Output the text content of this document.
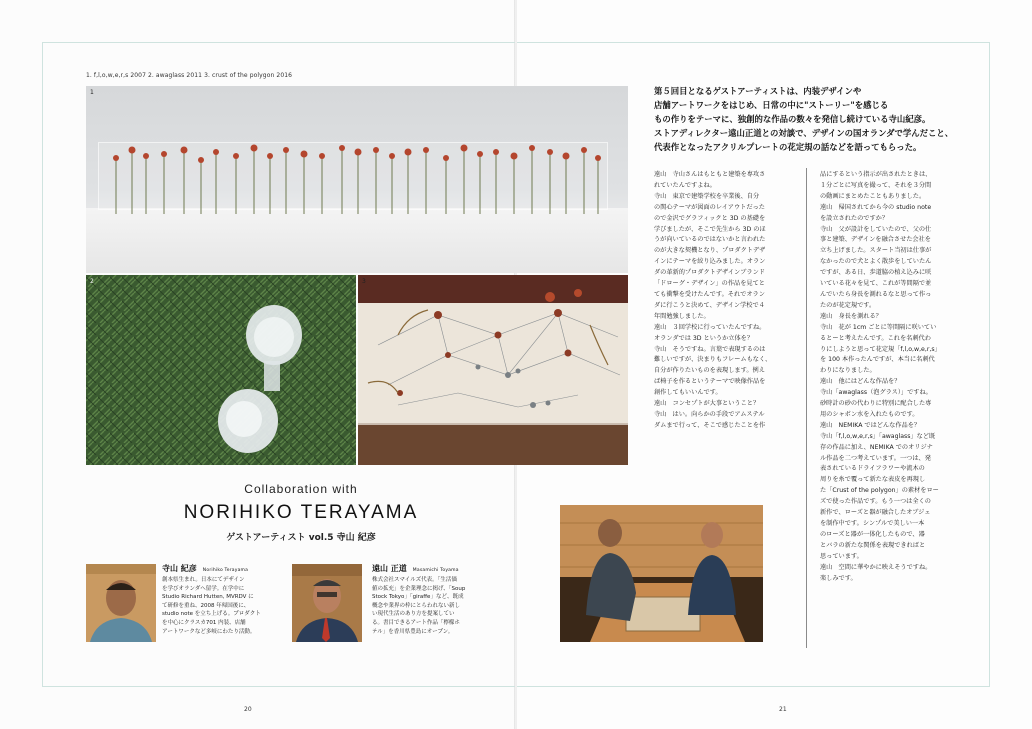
1. f,l,o,w,e,r,s 2007 2. awaglass 2011 3. crust of the polygon 2016
1
2	3
Collaboration with
NORIHIKO TERAYAMA
ゲストアーティスト vol.5 寺山 紀彦
寺山 紀彦 Norihiko Terayama
創本県生まれ。日本にてデザイン
を学びオランダへ留学。在学中に
Studio Richard Hutten, MVRDV に
て研修を重ね、2008 年帰国後に、
studio note を立ち上げる。プロダクト
を中心にクラスカ701 内装、店舗
アートワークなど多岐にわたり活動。
遠山 正道 Masamichi Toyama
株式会社スマイルズ代表。「生活価
値の拡充」を企業理念に掲げ、「Soup
Stock Tokyo」「giraffe」など、既成
概念や業界の枠にとらわれない新し
い現代生活のあり方を提案してい
る。書目できるアート作品「檸檬ホ
テル」を香川県豊島にオープン。
20	21
第５回目となるゲストアーティストは、内装デザインや
店舗アートワークをはじめ、日常の中に"ストーリー"を感じる
もの作りをテーマに、独創的な作品の数々を発信し続けている寺山紀彦。
ストアディレクター遠山正道との対談で、デザインの国オランダで学んだこと、
代表作となったアクリルプレートの花定規の話などを語ってもらった。

遠山　寺山さんはもともと建築を専攻さ

れていたんですよね。

寺山　東京で建築学校を卒業後、自分

の関心テーマが図面のレイアウトだった

ので金沢でグラフィックと 3D の基礎を

学びましたが、そこで先生から 3D のほ

うが向いているのではないかと言われた

のが大きな契機となり、プロダクトデザ

インにテーマを絞り込みました。オラン

ダの革新的プロダクトデザインブランド

「ドローグ・デザイン」の作品を見てと

ても衝撃を受けたんです。それでオラン

ダに行こうと決めて、デザイン学校で４

年間勉強しました。

遠山　３回学校に行っていたんですね。

オランダでは 3D というか立体を？

寺山　そうですね。言葉で表現するのは

難しいですが、決まりもフレームもなく、

自分が作りたいものを表現します。例え

ば椅子を作るというテーマで映像作品を

創作してもいいんです。

遠山　コンセプトが大事ということ？

寺山　はい。向らかの手段でアムステル

ダムまで行って、そこで感じたことを作

品にするという指示が出されたときは、

１分ごとに写真を撮って、それを３分間

の動画にまとめたこともありました。

遠山　帰国されてから今の studio note

を設立されたのですか？

寺山　父が設計をしていたので、父の仕

事と建築、デザインを融合させた会社を

立ち上げました。スタート当初は仕事が

なかったので犬とよく散歩をしていたん

ですが、ある日、歩道脇の植え込みに咲

いている花々を見て、これが等間隔で並

んでいたら身長を測れるなと思って作っ

たのが花定規です。

遠山　身長を測れる？

寺山　花が 1cm ごとに等間隔に咲いてい

るとーと考えたんです。これを名刺代わ

りにしようと思って花定規「f,l,o,w,e,r,s」

を 100 本作ったんですが、本当に名刺代

わりになりました。

遠山　他にはどんな作品を？

寺山「awaglass（泡グラス）」ですね。

砂時計の砂の代わりに特別に配合した専

用のシャボン水を入れたものです。

遠山　NEMIKA ではどんな作品を？

寺山「f,l,o,w,e,r,s」「awaglass」など既

存の作品に加え、NEMIKA でのオリジナ

ル作品を二つ考えています。一つは、発

表されているドライフラワーや流木の

周りを糸で覆って新たな表皮を再現し

た「Crust of the polygon」の素材をロー

ズで使った作品です。もう一つは全くの

新作で、ローズと器が融合したオブジェ

を制作中です。シンプルで美しい一本

のローズと器が一体化したもので、器

とバラの新たな関係を表現できればと

思っています。

遠山　空間に華やかに映えそうですね。

楽しみです。
